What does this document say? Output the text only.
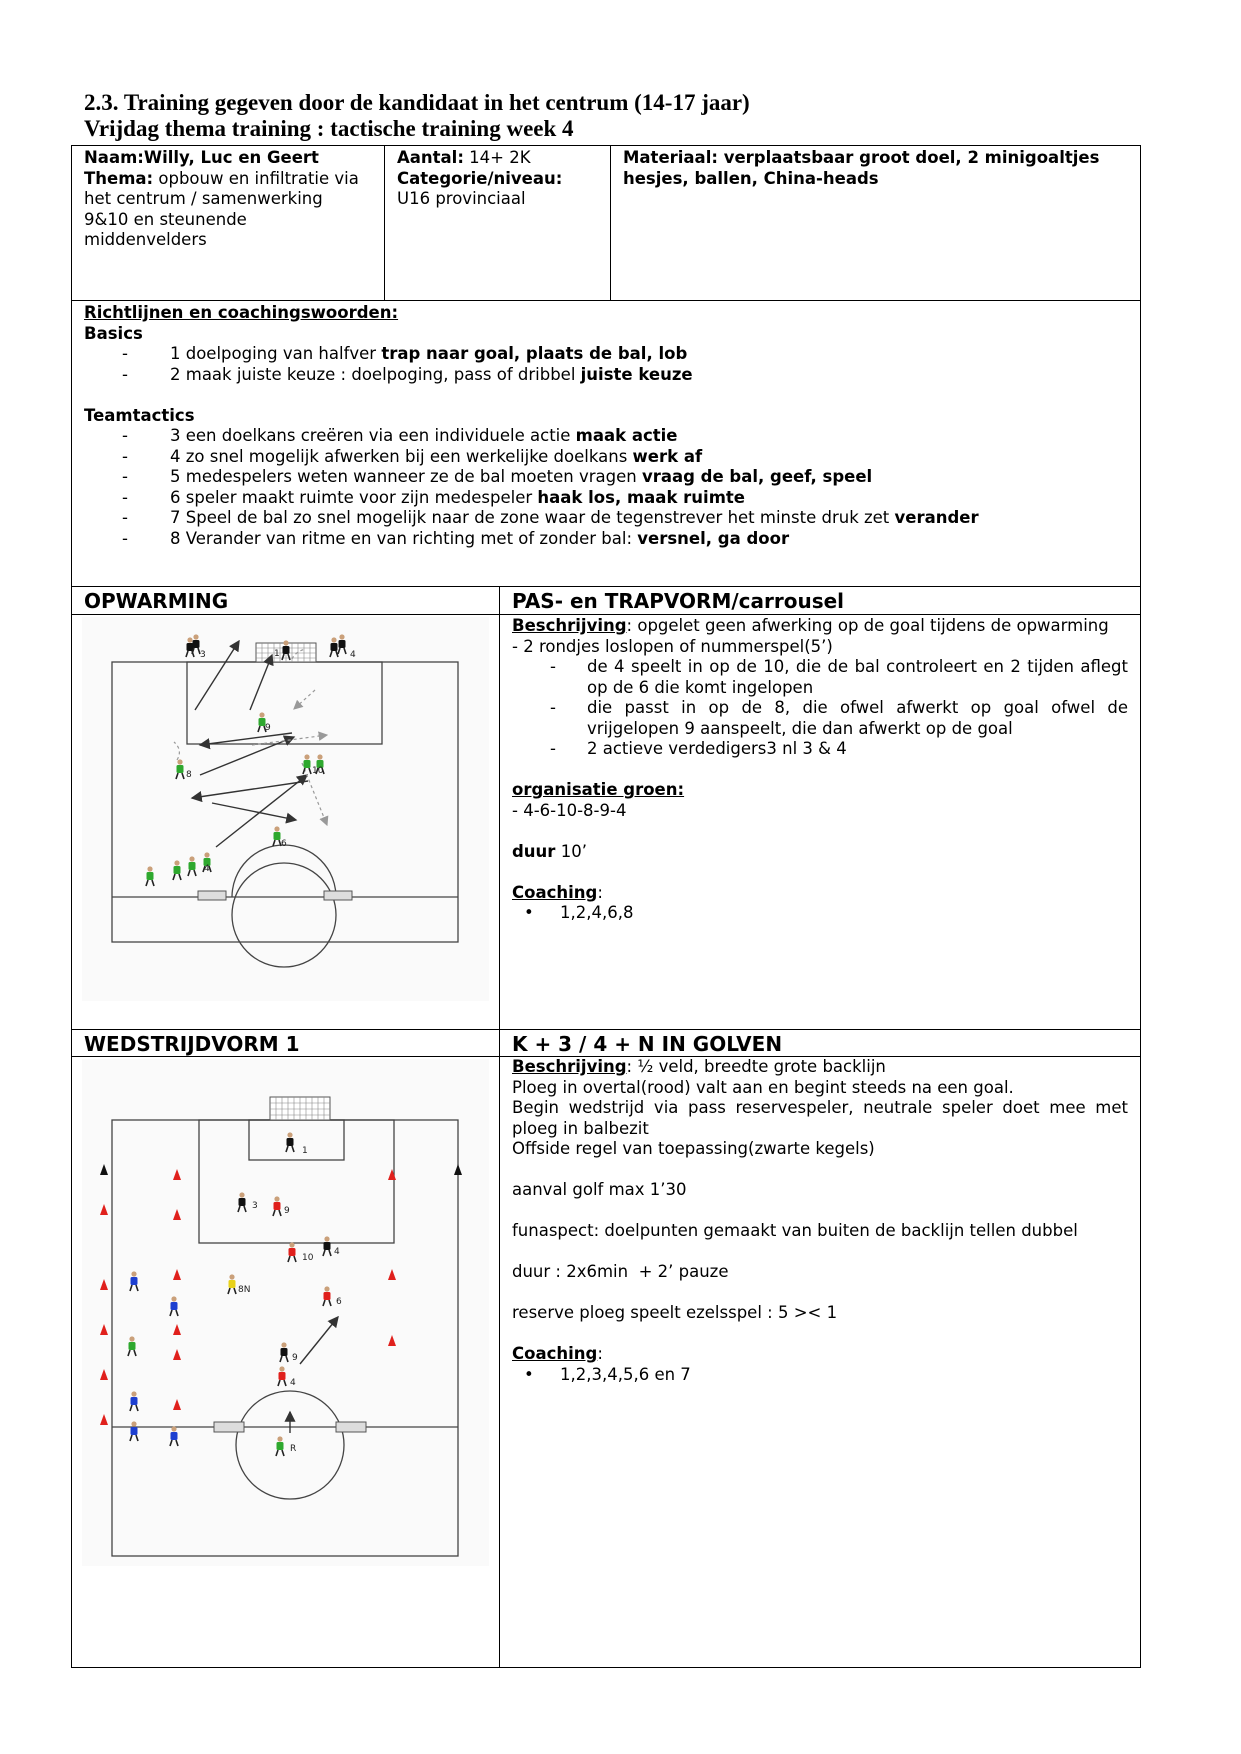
2.3. Training gegeven door de kandidaat in het centrum (14-17 jaar)
Vrijdag thema training : tactische training week 4
Naam:Willy, Luc en Geert
Thema: opbouw en infiltratie via
het centrum / samenwerking
9&10 en steunende
middenvelders
Aantal: 14+ 2K
Categorie/niveau:
U16 provinciaal
Materiaal: verplaatsbaar groot doel, 2 minigoaltjes
hesjes, ballen, China-heads
Richtlijnen en coachingswoorden:
Basics
-	1 doelpoging van halfver trap naar goal, plaats de bal, lob
-	2 maak juiste keuze : doelpoging, pass of dribbel juiste keuze
Teamtactics
-	3 een doelkans creëren via een individuele actie maak actie
-	4 zo snel mogelijk afwerken bij een werkelijke doelkans werk af
-	5 medespelers weten wanneer ze de bal moeten vragen vraag de bal, geef, speel
-	6 speler maakt ruimte voor zijn medespeler haak los, maak ruimte
-	7 Speel de bal zo snel mogelijk naar de zone waar de tegenstrever het minste druk zet verander
-	8 Verander van ritme en van richting met of zonder bal: versnel, ga door
OPWARMING	PAS- en TRAPVORM/carrousel
1
3	4
9
10
8
6
4
Beschrijving: opgelet geen afwerking op de goal tijdens de opwarming
- 2 rondjes loslopen of nummerspel(5’)
- de 4 speelt in op de 10, die de bal controleert en 2 tijden aflegt op de 6 die komt ingelopen
- die passt in op de 8, die ofwel afwerkt op goal ofwel de vrijgelopen 9 aanspeelt, die dan afwerkt op de goal
- 2 actieve verdedigers3 nl 3 & 4
organisatie groen:
- 4-6-10-8-9-4
duur 10’
Coaching:
• 1,2,4,6,8
WEDSTRIJDVORM 1	K + 3 / 4 + N IN GOLVEN
1
3	9
4
10
8N
6
9
4
R
Beschrijving: ½ veld, breedte grote backlijn
Ploeg in overtal(rood) valt aan en begint steeds na een goal.
Begin wedstrijd via pass reservespeler, neutrale speler doet mee met ploeg in balbezit
Offside regel van toepassing(zwarte kegels)
aanval golf max 1’30
funaspect: doelpunten gemaakt van buiten de backlijn tellen dubbel
duur : 2x6min  + 2’ pauze
reserve ploeg speelt ezelsspel : 5 >< 1
Coaching:
• 1,2,3,4,5,6 en 7
